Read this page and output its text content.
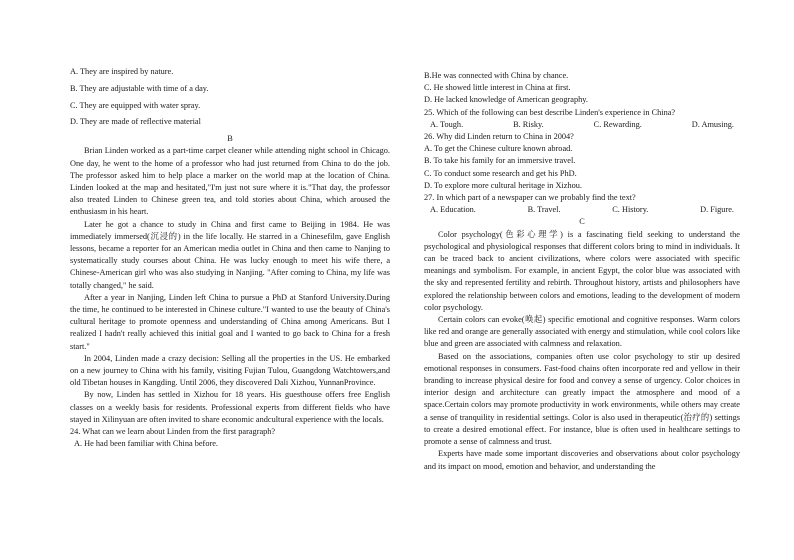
A. They are inspired by nature.

B. They are adjustable with time of a day.

C. They are equipped with water spray.

D. They are made of reflective material

B

Brian Linden worked as a part-time carpet cleaner while attending night school in Chicago. One day, he went to the home of a professor who had just returned from China to do the job. The professor asked him to help place a marker on the world map at the location of China. Linden looked at the map and hesitated,"I'm just not sure where it is."That day, the professor also treated Linden to Chinese green tea, and told stories about China, which aroused the enthusiasm in his heart.

Later he got a chance to study in China and first came to Beijing in 1984. He was immediately immersed(沉浸的) in the life locally. He starred in a Chinesefilm, gave English lessons, became a reporter for an American media outlet in China and then came to Nanjing to systematically study courses about China. He was lucky enough to meet his wife there, a Chinese-American girl who was also studying in Nanjing. "After coming to China, my life was totally changed," he said.

After a year in Nanjing, Linden left China to pursue a PhD at Stanford University.During the time, he continued to be interested in Chinese culture."I wanted to use the beauty of China's cultural heritage to promote openness and understanding of China among Americans. But I realized I hadn't really achieved this initial goal and I wanted to go back to China for a fresh start."

In 2004, Linden made a crazy decision: Selling all the properties in the US. He embarked on a new journey to China with his family, visiting Fujian Tulou, Guangdong Watchtowers,and old Tibetan houses in Kangding. Until 2006, they discovered Dali Xizhou, YunnanProvince.

By now, Linden has settled in Xizhou for 18 years. His guesthouse offers free English classes on a weekly basis for residents. Professional experts from different fields who have stayed in Xilinyuan are often invited to share economic andcultural experience with the locals.

24. What can we learn about Linden from the first paragraph?

A. He had been familiar with China before.

B.He was connected with China by chance.

C. He showed little interest in China at first.

D. He lacked knowledge of American geography.

25. Which of the following can best describe Linden's experience in China?

A. Tough.	B. Risky.	C. Rewarding.	D. Amusing.

26. Why did Linden return to China in 2004?

A. To get the Chinese culture known abroad.

B. To take his family for an immersive travel.

C. To conduct some research and get his PhD.

D. To explore more cultural heritage in Xizhou.

27. In which part of a newspaper can we probably find the text?

A. Education.	B. Travel.	C. History.	D. Figure.

C

Color psychology(色彩心理学) is a fascinating field seeking to understand the psychological and physiological responses that different colors bring to mind in individuals. It can be traced back to ancient civilizations, where colors were associated with specific meanings and symbolism. For example, in ancient Egypt, the color blue was associated with the sky and represented fertility and rebirth. Throughout history, artists and philosophers have explored the relationship between colors and emotions, leading to the development of modern color psychology.

Certain colors can evoke(唤起) specific emotional and cognitive responses. Warm colors like red and orange are generally associated with energy and stimulation, while cool colors like blue and green are associated with calmness and relaxation.

Based on the associations, companies often use color psychology to stir up desired emotional responses in consumers. Fast-food chains often incorporate red and yellow in their branding to increase physical desire for food and convey a sense of urgency. Color choices in interior design and architecture can greatly impact the atmosphere and mood of a space.Certain colors may promote productivity in work environments, while others may create a sense of tranquility in residential settings. Color is also used in therapeutic(治疗的) settings to create a desired emotional effect. For instance, blue is often used in healthcare settings to promote a sense of calmness and trust.

Experts have made some important discoveries and observations about color psychology and its impact on mood, emotion and behavior, and understanding the
